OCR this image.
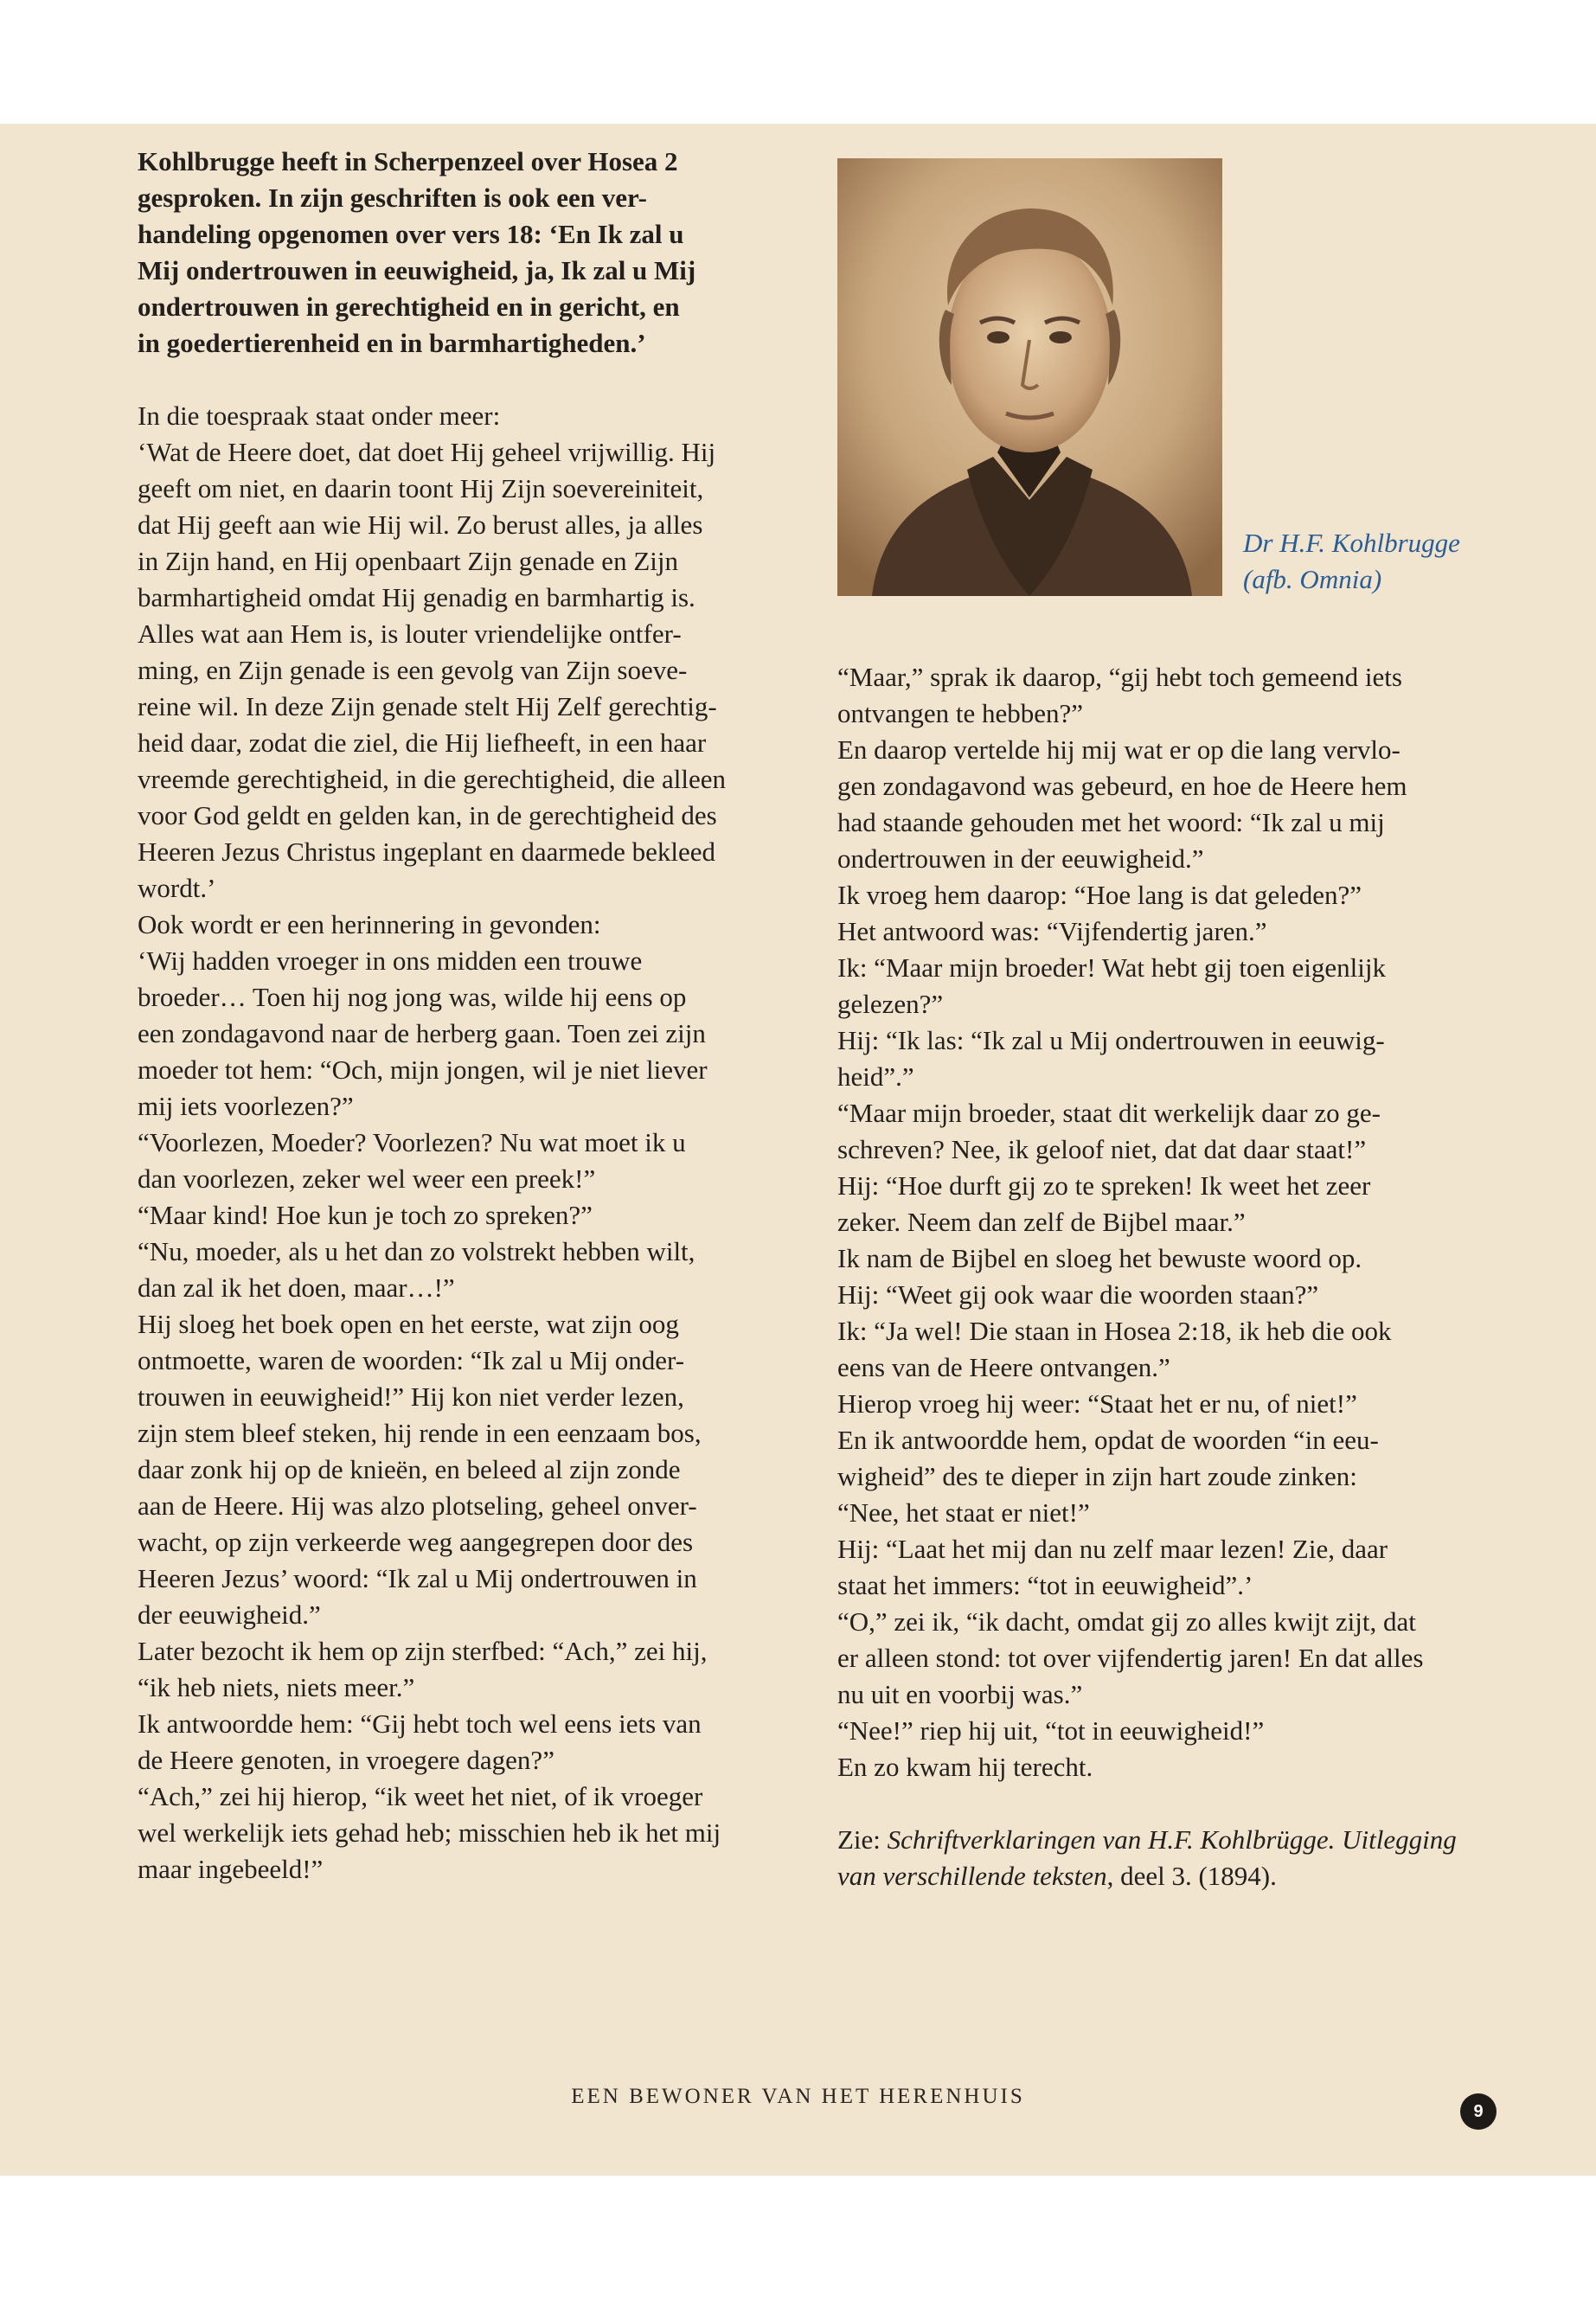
Kohlbrugge heeft in Scherpenzeel over Hosea 2
gesproken. In zijn geschriften is ook een ver-
handeling opgenomen over vers 18: ‘En Ik zal u
Mij ondertrouwen in eeuwigheid, ja, Ik zal u Mij
ondertrouwen in gerechtigheid en in gericht, en
in goedertierenheid en in barmhartigheden.’
In die toespraak staat onder meer:
‘Wat de Heere doet, dat doet Hij geheel vrijwillig. Hij
geeft om niet, en daarin toont Hij Zijn soevereiniteit,
dat Hij geeft aan wie Hij wil. Zo berust alles, ja alles
in Zijn hand, en Hij openbaart Zijn genade en Zijn
barmhartigheid omdat Hij genadig en barmhartig is.
Alles wat aan Hem is, is louter vriendelijke ontfer-
ming, en Zijn genade is een gevolg van Zijn soeve-
reine wil. In deze Zijn genade stelt Hij Zelf gerechtig-
heid daar, zodat die ziel, die Hij liefheeft, in een haar
vreemde gerechtigheid, in die gerechtigheid, die alleen
voor God geldt en gelden kan, in de gerechtigheid des
Heeren Jezus Christus ingeplant en daarmede bekleed
wordt.’
Ook wordt er een herinnering in gevonden:
‘Wij hadden vroeger in ons midden een trouwe
broeder… Toen hij nog jong was, wilde hij eens op
een zondagavond naar de herberg gaan. Toen zei zijn
moeder tot hem: “Och, mijn jongen, wil je niet liever
mij iets voorlezen?”
“Voorlezen, Moeder? Voorlezen? Nu wat moet ik u
dan voorlezen, zeker wel weer een preek!”
“Maar kind! Hoe kun je toch zo spreken?”
“Nu, moeder, als u het dan zo volstrekt hebben wilt,
dan zal ik het doen, maar…!”
Hij sloeg het boek open en het eerste, wat zijn oog
ontmoette, waren de woorden: “Ik zal u Mij onder-
trouwen in eeuwigheid!” Hij kon niet verder lezen,
zijn stem bleef steken, hij rende in een eenzaam bos,
daar zonk hij op de knieën, en beleed al zijn zonde
aan de Heere. Hij was alzo plotseling, geheel onver-
wacht, op zijn verkeerde weg aangegrepen door des
Heeren Jezus’ woord: “Ik zal u Mij ondertrouwen in
der eeuwigheid.”
Later bezocht ik hem op zijn sterfbed: “Ach,” zei hij,
“ik heb niets, niets meer.”
Ik antwoordde hem: “Gij hebt toch wel eens iets van
de Heere genoten, in vroegere dagen?”
“Ach,” zei hij hierop, “ik weet het niet, of ik vroeger
wel werkelijk iets gehad heb; misschien heb ik het mij
maar ingebeeld!”
Dr H.F. Kohlbrugge
(afb. Omnia)
“Maar,” sprak ik daarop, “gij hebt toch gemeend iets
ontvangen te hebben?”
En daarop vertelde hij mij wat er op die lang vervlo-
gen zondagavond was gebeurd, en hoe de Heere hem
had staande gehouden met het woord: “Ik zal u mij
ondertrouwen in der eeuwigheid.”
Ik vroeg hem daarop: “Hoe lang is dat geleden?”
Het antwoord was: “Vijfendertig jaren.”
Ik: “Maar mijn broeder! Wat hebt gij toen eigenlijk
gelezen?”
Hij: “Ik las: “Ik zal u Mij ondertrouwen in eeuwig-
heid”.”
“Maar mijn broeder, staat dit werkelijk daar zo ge-
schreven? Nee, ik geloof niet, dat dat daar staat!”
Hij: “Hoe durft gij zo te spreken! Ik weet het zeer
zeker. Neem dan zelf de Bijbel maar.”
Ik nam de Bijbel en sloeg het bewuste woord op.
Hij: “Weet gij ook waar die woorden staan?”
Ik: “Ja wel! Die staan in Hosea 2:18, ik heb die ook
eens van de Heere ontvangen.”
Hierop vroeg hij weer: “Staat het er nu, of niet!”
En ik antwoordde hem, opdat de woorden “in eeu-
wigheid” des te dieper in zijn hart zoude zinken:
“Nee, het staat er niet!”
Hij: “Laat het mij dan nu zelf maar lezen! Zie, daar
staat het immers: “tot in eeuwigheid”.’
“O,” zei ik, “ik dacht, omdat gij zo alles kwijt zijt, dat
er alleen stond: tot over vijfendertig jaren! En dat alles
nu uit en voorbij was.”
“Nee!” riep hij uit, “tot in eeuwigheid!”
En zo kwam hij terecht.
Zie: Schriftverklaringen van H.F. Kohlbrügge. Uitlegging
van verschillende teksten, deel 3. (1894).
EEN BEWONER VAN HET HERENHUIS
9
